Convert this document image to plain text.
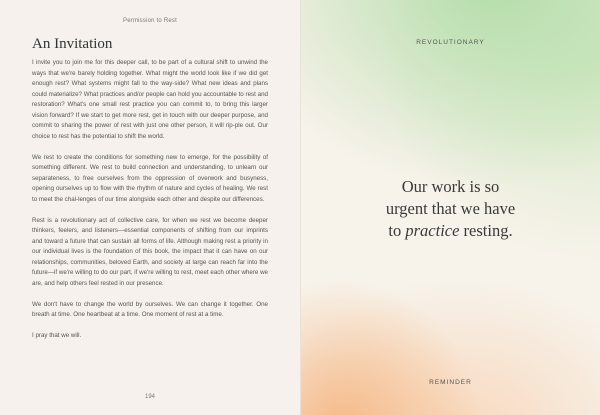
Permission to Rest
An Invitation

I invite you to join me for this deeper call, to be part of a cultural shift to unwind the ways that we're barely holding together. What might the world look like if we did get enough rest? What systems might fall to the way-side? What new ideas and plans could materialize? What practices and/or people can hold you accountable to rest and restoration? What's one small rest practice you can commit to, to bring this larger vision forward? If we start to get more rest, get in touch with our deeper purpose, and commit to sharing the power of rest with just one other person, it will rip-ple out. Our choice to rest has the potential to shift the world.

We rest to create the conditions for something new to emerge, for the possibility of something different. We rest to build connection and understanding, to unlearn our separateness, to free ourselves from the oppression of overwork and busyness, opening ourselves up to flow with the rhythm of nature and cycles of healing. We rest to meet the chal-lenges of our time alongside each other and despite our differences.

Rest is a revolutionary act of collective care, for when we rest we become deeper thinkers, feelers, and listeners—essential components of shifting from our imprints and toward a future that can sustain all forms of life. Although making rest a priority in our individual lives is the foundation of this book, the impact that it can have on our relationships, communities, beloved Earth, and society at large can reach far into the future—if we're willing to do our part, if we're willing to rest, meet each other where we are, and help others feel rested in our presence.

We don't have to change the world by ourselves. We can change it together. One breath at time. One heartbeat at a time. One moment of rest at a time.

I pray that we will.

194
REVOLUTIONARY
Our work is so
urgent that we have
to practice resting.
REMINDER
